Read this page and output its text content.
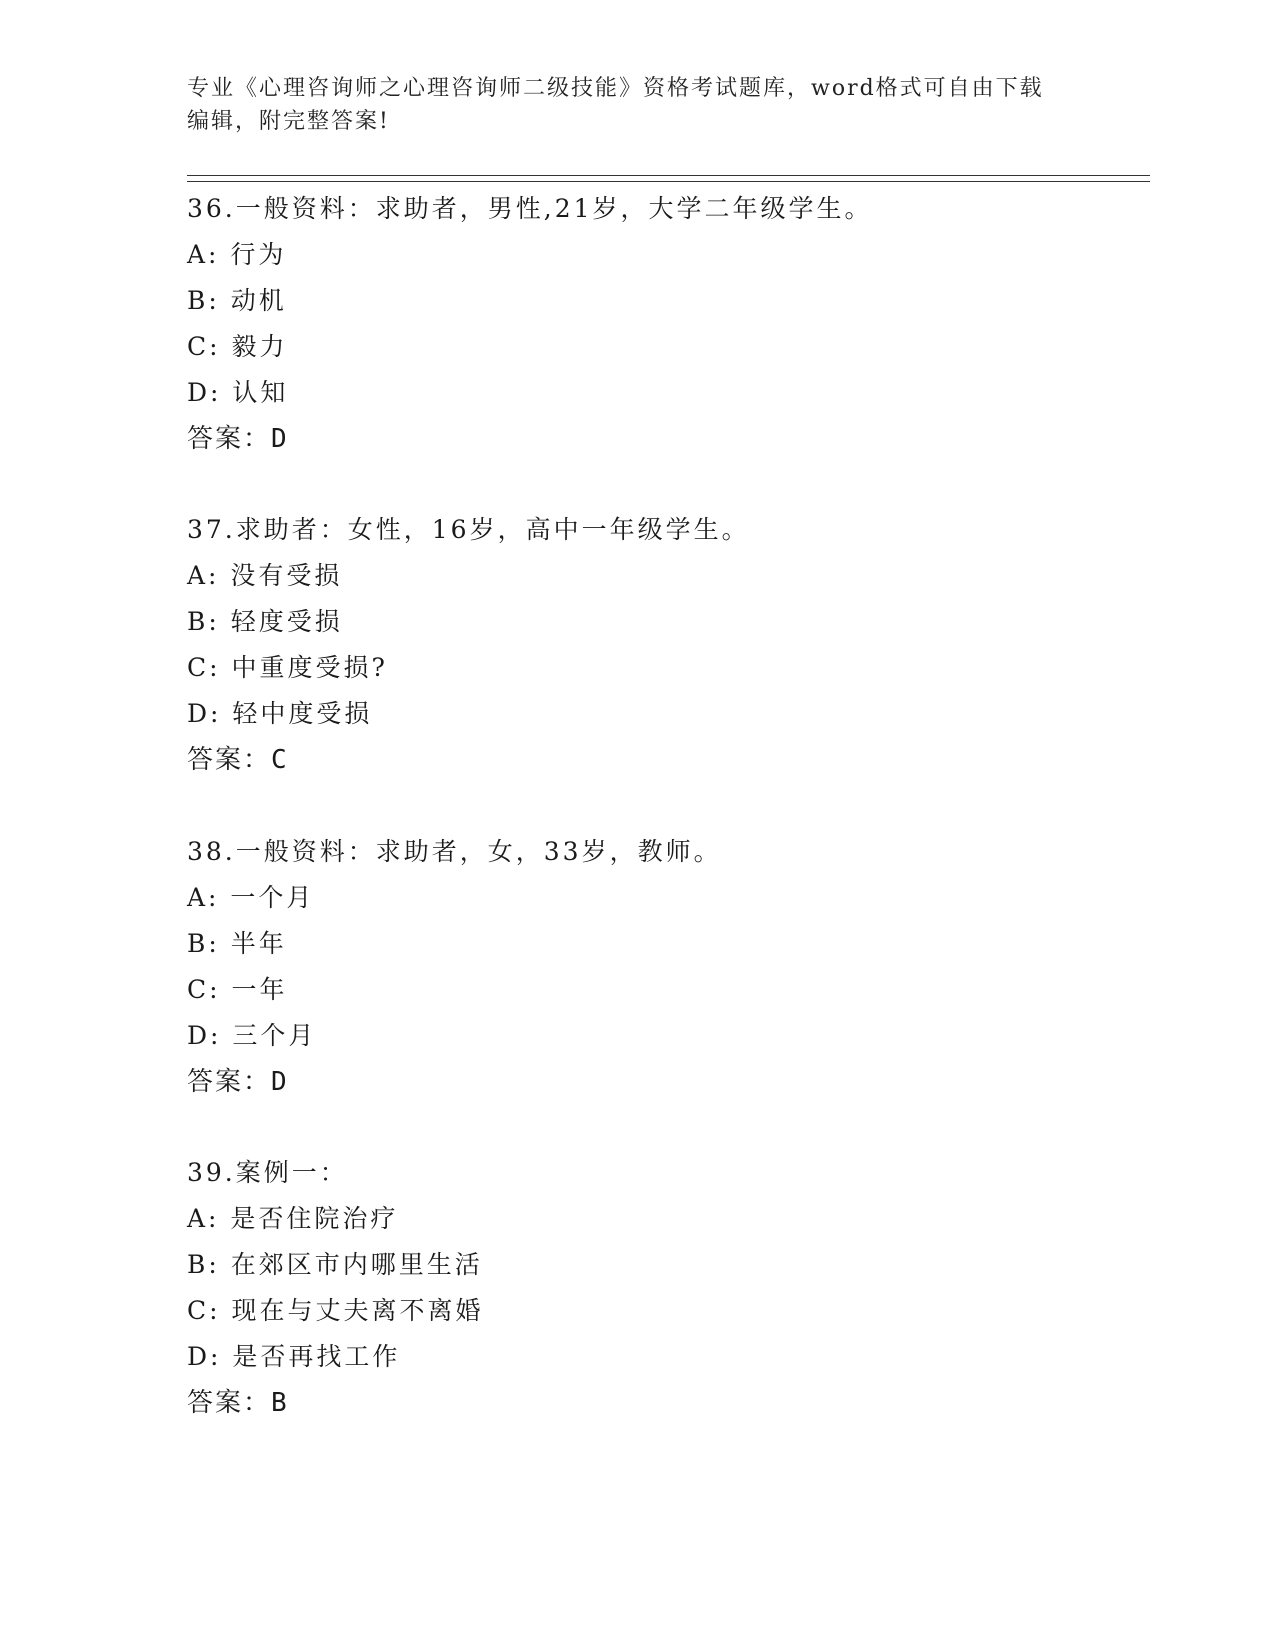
专业《心理咨询师之心理咨询师二级技能》资格考试题库，word格式可自由下载
编辑，附完整答案!
36.一般资料：求助者，男性,21岁，大学二年级学生。
A: 行为
B: 动机
C: 毅力
D: 认知
答案：D
37.求助者：女性，16岁，高中一年级学生。
A: 没有受损
B: 轻度受损
C: 中重度受损?
D: 轻中度受损
答案：C
38.一般资料：求助者，女，33岁，教师。
A: 一个月
B: 半年
C: 一年
D: 三个月
答案：D
39.案例一：
A: 是否住院治疗
B: 在郊区市内哪里生活
C: 现在与丈夫离不离婚
D: 是否再找工作
答案：B
